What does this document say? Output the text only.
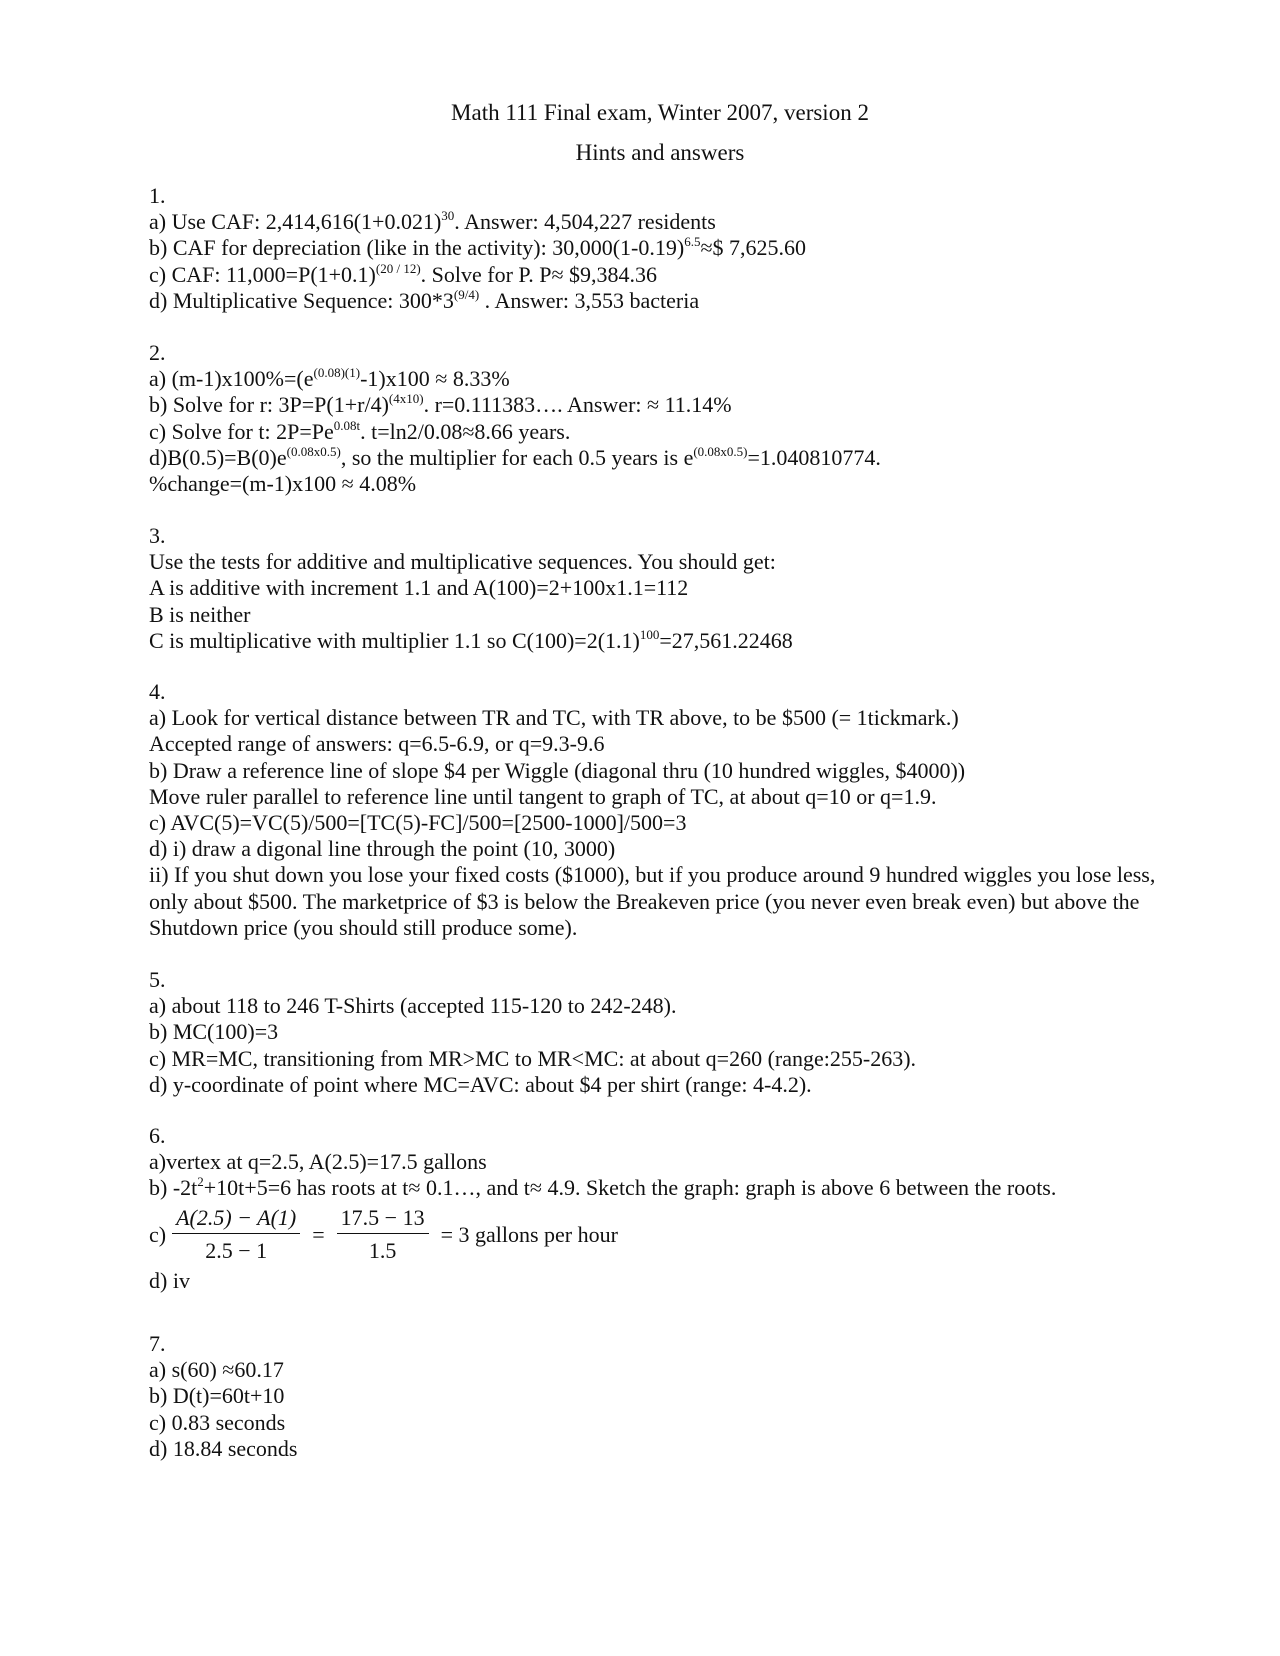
Math 111 Final exam, Winter 2007, version 2
Hints and answers
1.
a) Use CAF: $2,414,616(1+0.021)^{30}$. Answer: 4,504,227 residents
b) CAF for depreciation (like in the activity): $30,000(1-0.19)^{6.5}\approx\$$ 7,625.60
c) CAF: $11,000=P(1+0.1)^{(20 / 12)}$. Solve for P. P≈ $9,384.36
d) Multiplicative Sequence: $300*3^{(9/4)}$ . Answer: 3,553 bacteria
2.
a) $(m-1)x100\%=(e^{(0.08)(1)}-1)x100 \approx 8.33\%$
b) Solve for r: $3P=P(1+r/4)^{(4x10)}$. r=0.111383…. Answer: ≈ 11.14%
c) Solve for t: $2P=Pe^{0.08t}$. t=ln2/0.08≈8.66 years.
$d)B(0.5)=B(0)e^{(0.08x0.5)}$, so the multiplier for each 0.5 years is $e^{(0.08x0.5)}=1.040810774$.
%change=(m-1)x100 ≈ 4.08%
3.
Use the tests for additive and multiplicative sequences. You should get:
A is additive with increment 1.1 and A(100)=2+100x1.1=112
B is neither
C is multiplicative with multiplier 1.1 so $C(100)=2(1.1)^{100}=27,561.22468$
4.
a) Look for vertical distance between TR and TC, with TR above, to be $500 (= 1tickmark.)
Accepted range of answers: q=6.5-6.9, or q=9.3-9.6
b) Draw a reference line of slope $4 per Wiggle (diagonal thru (10 hundred wiggles, $4000))
Move ruler parallel to reference line until tangent to graph of TC, at about q=10 or q=1.9.
c) AVC(5)=VC(5)/500=[TC(5)-FC]/500=[2500-1000]/500=3
d) i) draw a digonal line through the point (10, 3000)
ii) If you shut down you lose your fixed costs ($1000), but if you produce around 9 hundred wiggles you lose less, only about $500. The marketprice of $3 is below the Breakeven price (you never even break even) but above the Shutdown price (you should still produce some).
5.
a) about 118 to 246 T-Shirts (accepted 115-120 to 242-248).
b) MC(100)=3
c) MR=MC, transitioning from MR>MC to MR<MC: at about q=260 (range:255-263).
d) y-coordinate of point where MC=AVC: about $4 per shirt (range: 4-4.2).
6.
a)vertex at q=2.5, A(2.5)=17.5 gallons
b) $-2t^2+10t+5=6$ has roots at t≈ 0.1…, and t≈ 4.9. Sketch the graph: graph is above 6 between the roots.
$c) \frac{A(2.5) - A(1)}{2.5 - 1} = \frac{17.5 - 13}{1.5} = 3$ gallons per hour
d) iv
7.
a) s(60) ≈60.17
b) D(t)=60t+10
c) 0.83 seconds
d) 18.84 seconds
